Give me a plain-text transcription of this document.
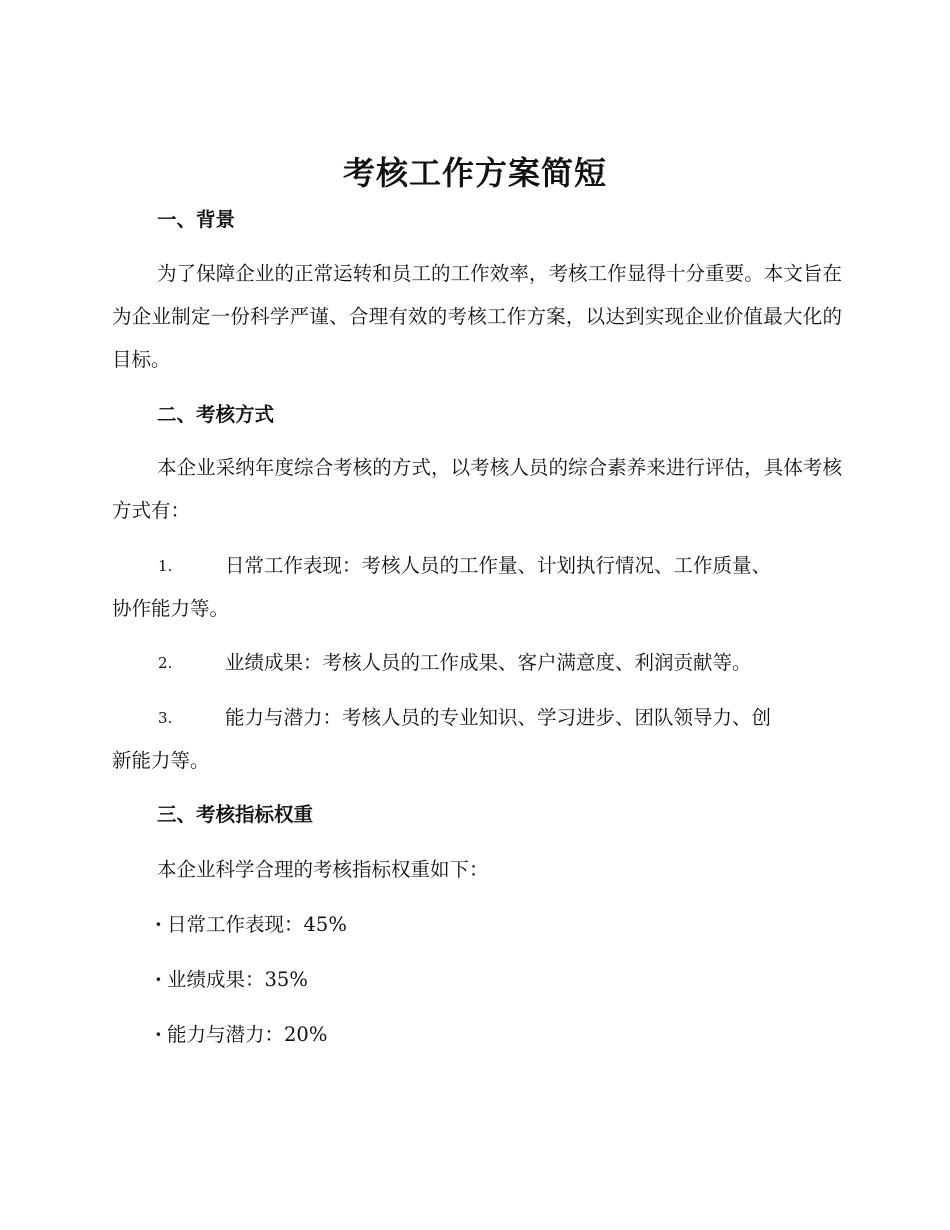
考核工作方案简短
一、背景
为了保障企业的正常运转和员工的工作效率，考核工作显得十分重要。本文旨在为企业制定一份科学严谨、合理有效的考核工作方案，以达到实现企业价值最大化的目标。
二、考核方式
本企业采纳年度综合考核的方式，以考核人员的综合素养来进行评估，具体考核方式有：
1.	日常工作表现：考核人员的工作量、计划执行情况、工作质量、
协作能力等。
2.	业绩成果：考核人员的工作成果、客户满意度、利润贡献等。
3.	能力与潜力：考核人员的专业知识、学习进步、团队领导力、创
新能力等。
三、考核指标权重
本企业科学合理的考核指标权重如下：
· 日常工作表现：45%
· 业绩成果：35%
· 能力与潜力：20%
